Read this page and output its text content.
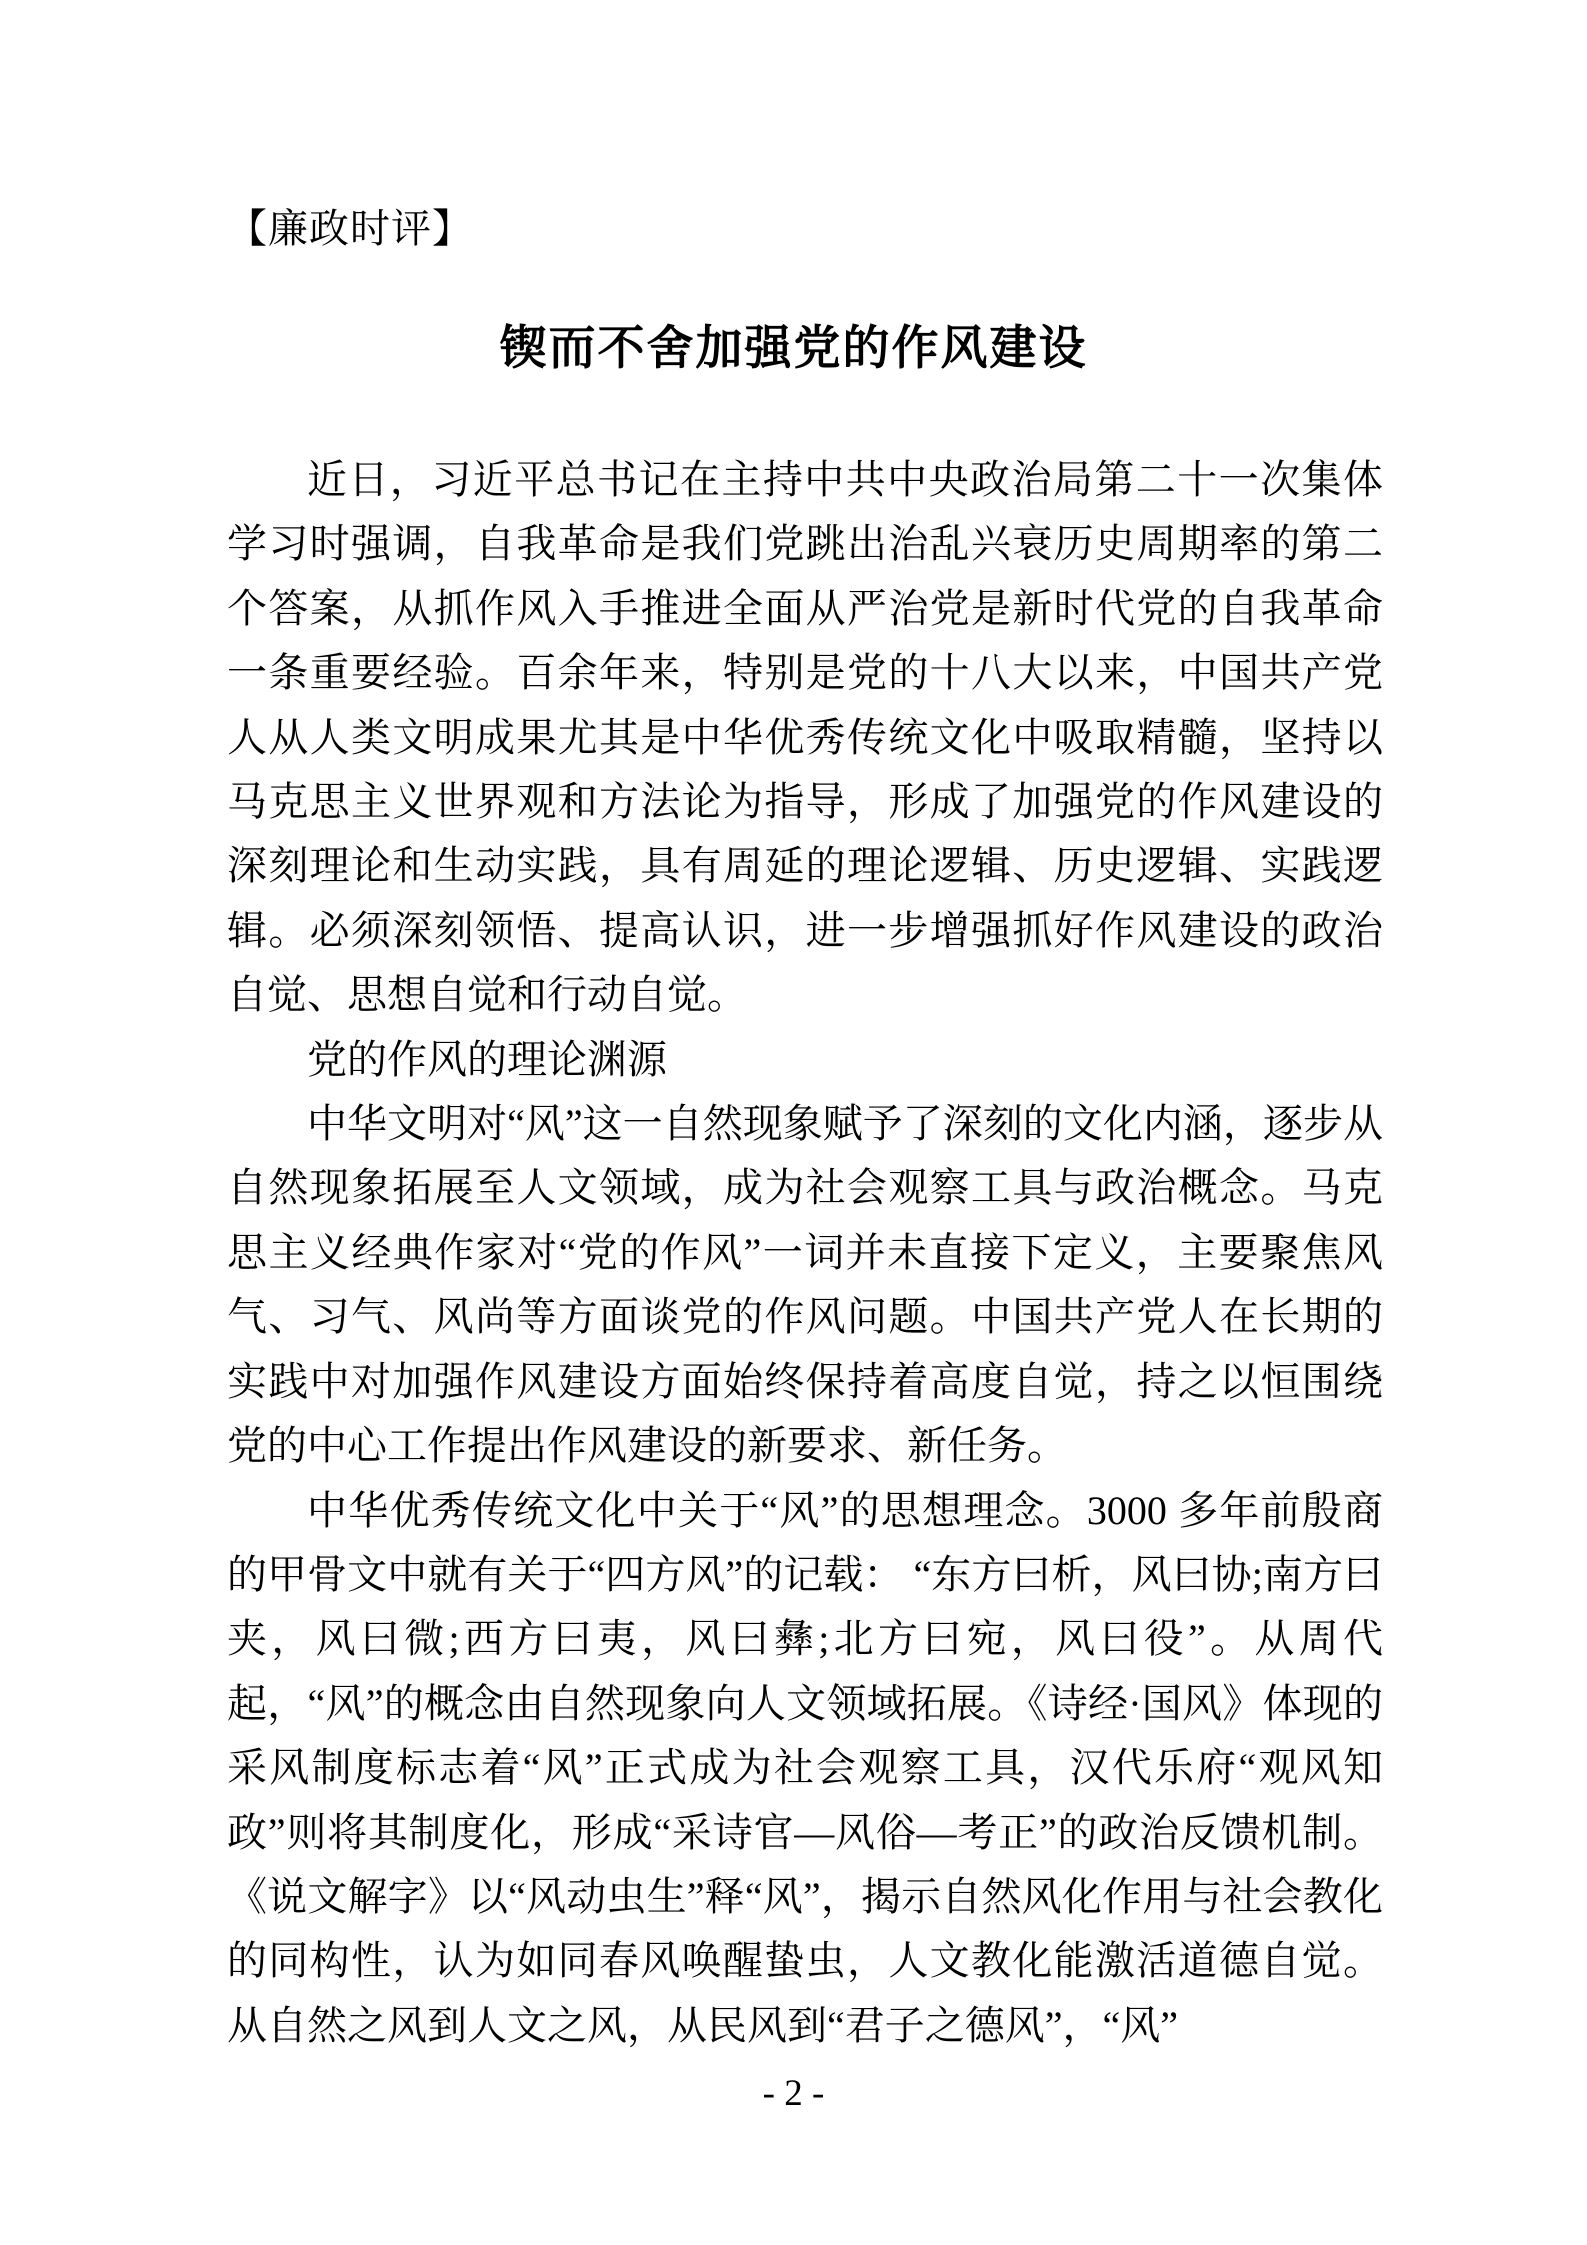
【廉政时评】
锲而不舍加强党的作风建设

近日，习近平总书记在主持中共中央政治局第二十一次集体学习时强调，自我革命是我们党跳出治乱兴衰历史周期率的第二个答案，从抓作风入手推进全面从严治党是新时代党的自我革命一条重要经验。百余年来，特别是党的十八大以来，中国共产党人从人类文明成果尤其是中华优秀传统文化中吸取精髓，坚持以马克思主义世界观和方法论为指导，形成了加强党的作风建设的深刻理论和生动实践，具有周延的理论逻辑、历史逻辑、实践逻辑。必须深刻领悟、提高认识，进一步增强抓好作风建设的政治自觉、思想自觉和行动自觉。

党的作风的理论渊源

中华文明对“风”这一自然现象赋予了深刻的文化内涵，逐步从自然现象拓展至人文领域，成为社会观察工具与政治概念。马克思主义经典作家对“党的作风”一词并未直接下定义，主要聚焦风气、习气、风尚等方面谈党的作风问题。中国共产党人在长期的实践中对加强作风建设方面始终保持着高度自觉，持之以恒围绕党的中心工作提出作风建设的新要求、新任务。

中华优秀传统文化中关于“风”的思想理念。3000 多年前殷商的甲骨文中就有关于“四方风”的记载： “东方曰析，风曰协;南方曰夹，风曰微;西方曰夷，风曰彝;北方曰宛，风曰役”。从周代起，“风”的概念由自然现象向人文领域拓展。《诗经·国风》体现的采风制度标志着“风”正式成为社会观察工具，汉代乐府“观风知政”则将其制度化，形成“采诗官—风俗—考正”的政治反馈机制。《说文解字》以“风动虫生”释“风”，揭示自然风化作用与社会教化的同构性，认为如同春风唤醒蛰虫，人文教化能激活道德自觉。从自然之风到人文之风，从民风到“君子之德风”，“风”

- 2 -
